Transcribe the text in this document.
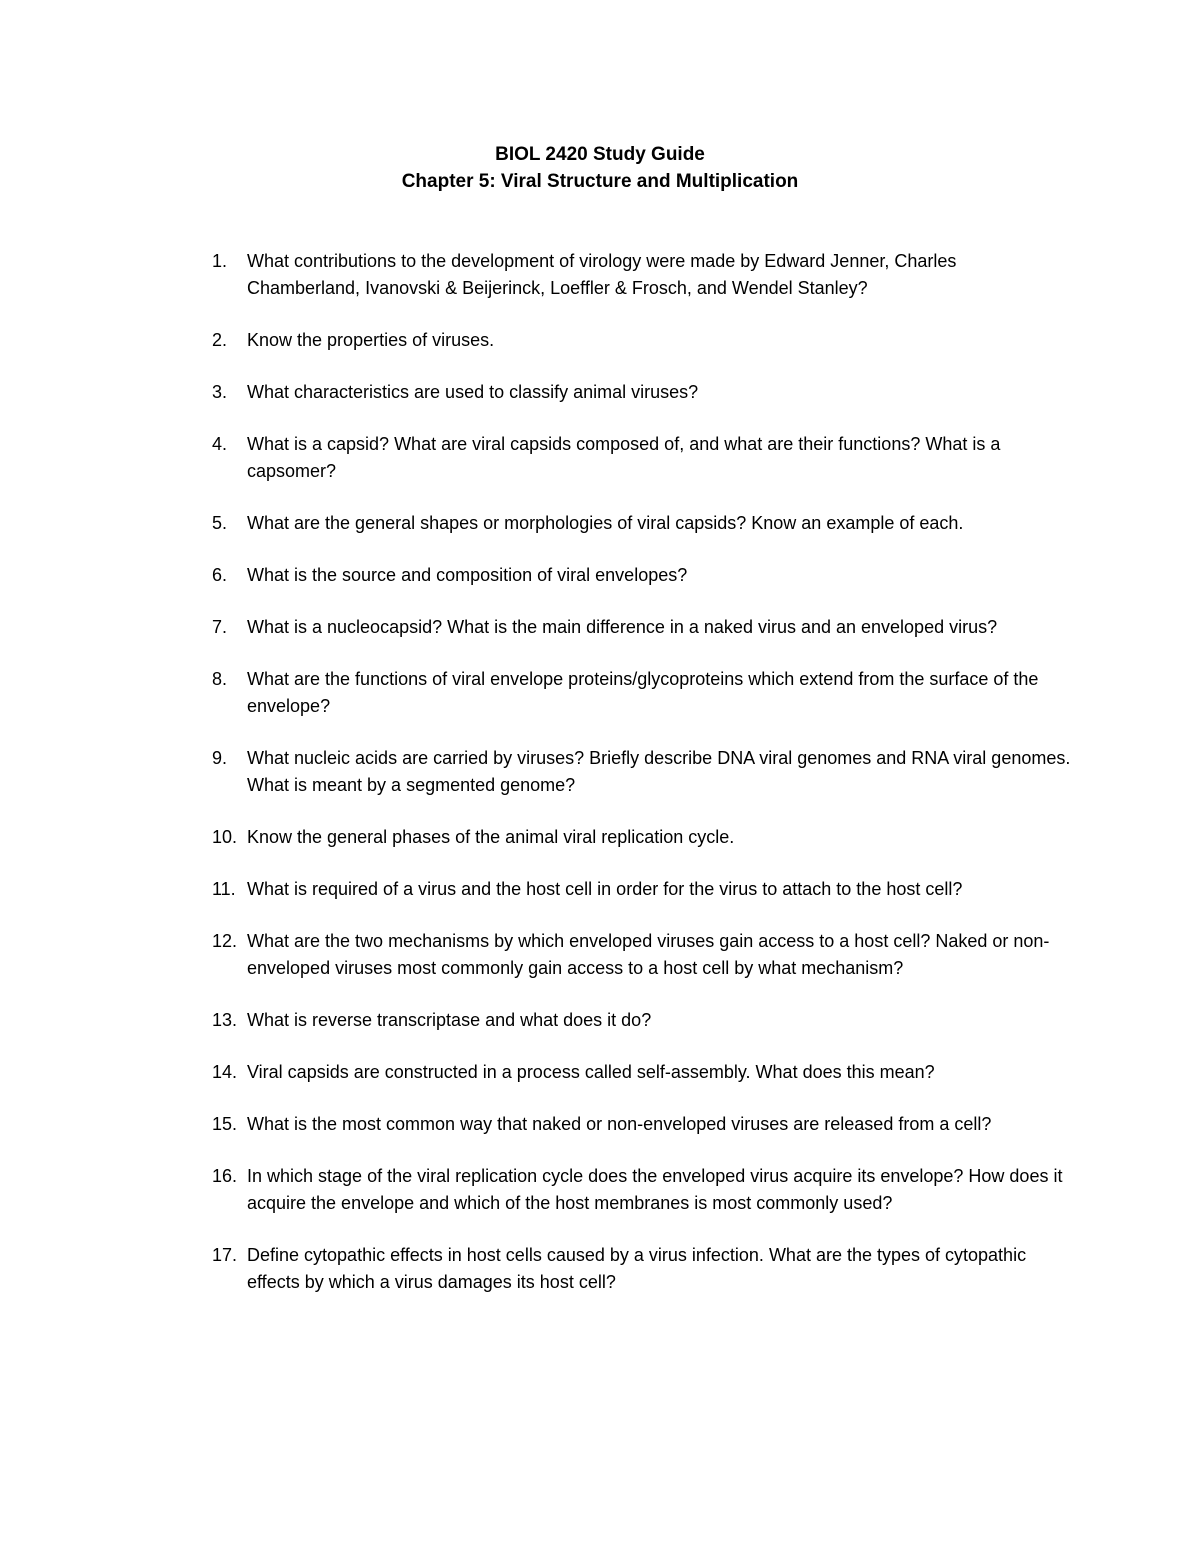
BIOL 2420 Study Guide
Chapter 5: Viral Structure and Multiplication
1.	What contributions to the development of virology were made by Edward Jenner, Charles Chamberland, Ivanovski & Beijerinck, Loeffler & Frosch, and Wendel Stanley?
2.	Know the properties of viruses.
3.	What characteristics are used to classify animal viruses?
4.	What is a capsid? What are viral capsids composed of, and what are their functions? What is a capsomer?
5.	What are the general shapes or morphologies of viral capsids? Know an example of each.
6.	What is the source and composition of viral envelopes?
7.	What is a nucleocapsid? What is the main difference in a naked virus and an enveloped virus?
8.	What are the functions of viral envelope proteins/glycoproteins which extend from the surface of the envelope?
9.	What nucleic acids are carried by viruses? Briefly describe DNA viral genomes and RNA viral genomes. What is meant by a segmented genome?
10. Know the general phases of the animal viral replication cycle.
11. What is required of a virus and the host cell in order for the virus to attach to the host cell?
12. What are the two mechanisms by which enveloped viruses gain access to a host cell? Naked or non-enveloped viruses most commonly gain access to a host cell by what mechanism?
13. What is reverse transcriptase and what does it do?
14. Viral capsids are constructed in a process called self-assembly. What does this mean?
15. What is the most common way that naked or non-enveloped viruses are released from a cell?
16. In which stage of the viral replication cycle does the enveloped virus acquire its envelope? How does it acquire the envelope and which of the host membranes is most commonly used?
17. Define cytopathic effects in host cells caused by a virus infection. What are the types of cytopathic effects by which a virus damages its host cell?
